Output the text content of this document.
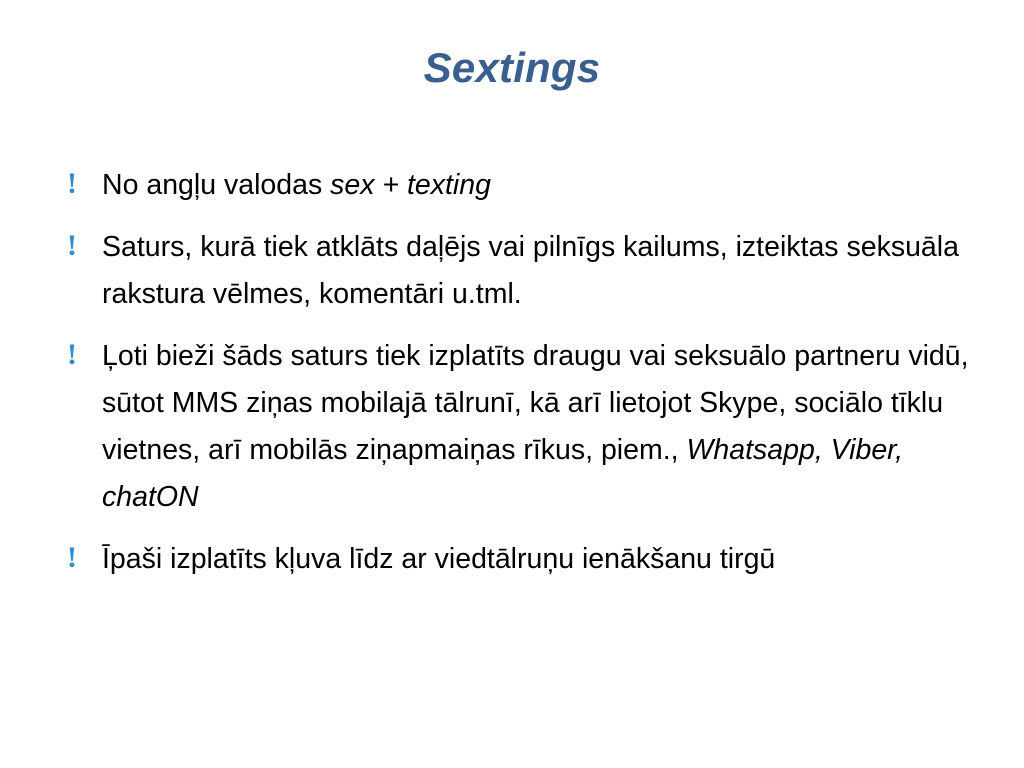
Sextings
! No angļu valodas sex + texting
! Saturs, kurā tiek atklāts daļējs vai pilnīgs kailums, izteiktas seksuāla rakstura vēlmes, komentāri u.tml.
! Ļoti bieži šāds saturs tiek izplatīts draugu vai seksuālo partneru vidū, sūtot MMS ziņas mobilajā tālrunī, kā arī lietojot Skype, sociālo tīklu vietnes, arī mobilās ziņapmaiņas rīkus, piem., Whatsapp, Viber, chatON
! Īpaši izplatīts kļuva līdz ar viedtālruņu ienākšanu tirgū
